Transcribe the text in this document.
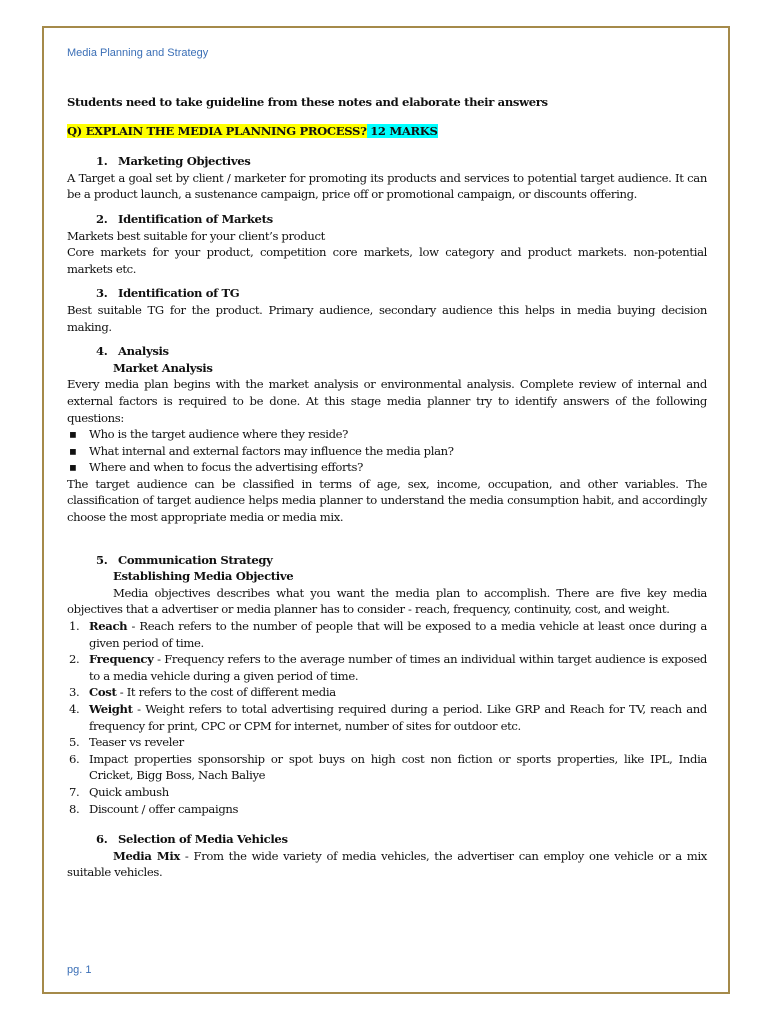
Media Planning and Strategy

Students need to take guideline from these notes and elaborate their answers

Q) EXPLAIN THE MEDIA PLANNING PROCESS? 12 MARKS

1. Marketing Objectives

A Target a goal set by client / marketer for promoting its products and services to potential target audience. It can be a product launch, a sustenance campaign, price off or promotional campaign, or discounts offering.

2. Identification of Markets

Markets best suitable for your client’s product

Core markets for your product, competition core markets, low category and product markets. non-potential markets etc.

3. Identification of TG

Best suitable TG for the product. Primary audience, secondary audience this helps in media buying decision making.

4. Analysis

Market Analysis

Every media plan begins with the market analysis or environmental analysis. Complete review of internal and external factors is required to be done. At this stage media planner try to identify answers of the following questions:

▪ Who is the target audience where they reside?
▪ What internal and external factors may influence the media plan?
▪ Where and when to focus the advertising efforts?

The target audience can be classified in terms of age, sex, income, occupation, and other variables. The classification of target audience helps media planner to understand the media consumption habit, and accordingly choose the most appropriate media or media mix.

5. Communication Strategy

Establishing Media Objective

Media objectives describes what you want the media plan to accomplish. There are five key media objectives that a advertiser or media planner has to consider - reach, frequency, continuity, cost, and weight.

1. Reach - Reach refers to the number of people that will be exposed to a media vehicle at least once during a given period of time.
2. Frequency - Frequency refers to the average number of times an individual within target audience is exposed to a media vehicle during a given period of time.
3. Cost - It refers to the cost of different media
4. Weight - Weight refers to total advertising required during a period. Like GRP and Reach for TV, reach and frequency for print, CPC or CPM for internet, number of sites for outdoor etc.
5. Teaser vs reveler
6. Impact properties sponsorship or spot buys on high cost non fiction or sports properties, like IPL, India Cricket, Bigg Boss, Nach Baliye
7. Quick ambush
8. Discount / offer campaigns

6. Selection of Media Vehicles

Media Mix - From the wide variety of media vehicles, the advertiser can employ one vehicle or a mix suitable vehicles.

pg. 1
